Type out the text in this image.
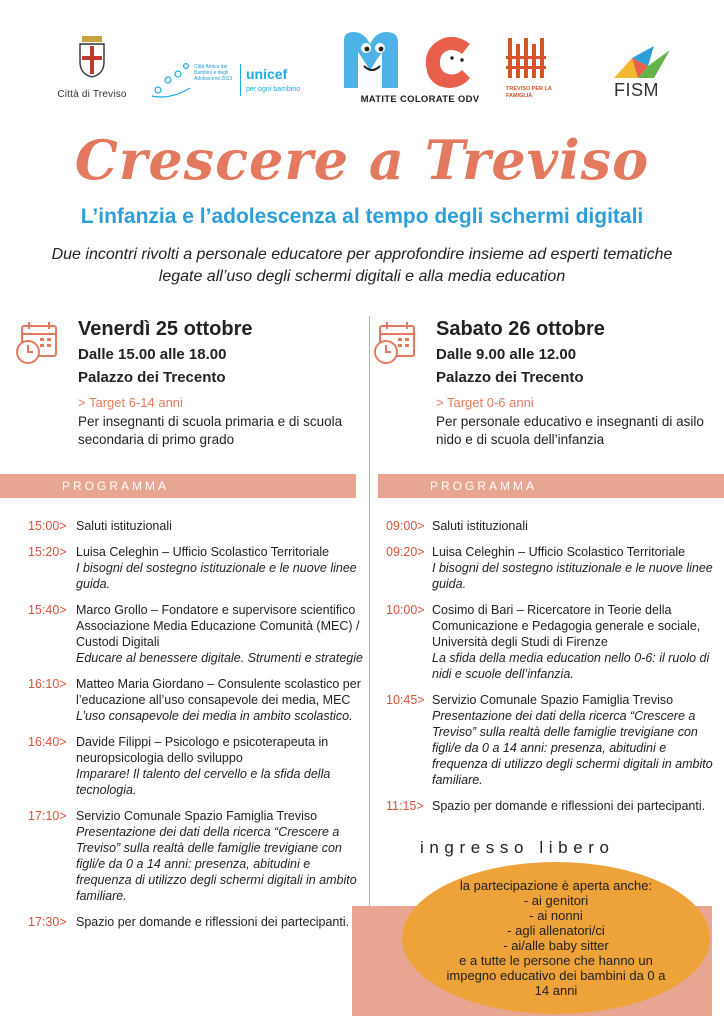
Città di Treviso
Città Amica dei Bambini e degli Adolescenti 2023 unicef
per ogni bambino
MATITE COLORATE ODV
TREVISO PER LA FAMIGLIA	FISM
Crescere a Treviso
L’infanzia e l’adolescenza al tempo degli schermi digitali
Due incontri rivolti a personale educatore per approfondire insieme ad esperti tematiche legate all’uso degli schermi digitali e alla media education
Venerdì 25 ottobre
Dalle 15.00 alle 18.00
Palazzo dei Trecento
> Target 6-14 anni
Per insegnanti di scuola primaria e di scuola secondaria di primo grado
Sabato 26 ottobre
Dalle 9.00 alle 12.00
Palazzo dei Trecento
> Target 0-6 anni
Per personale educativo e insegnanti di asilo nido e di scuola dell’infanzia
PROGRAMMA	PROGRAMMA
15:00> Saluti istituzionali
15:20> Luisa Celeghin – Ufficio Scolastico Territoriale
I bisogni del sostegno istituzionale e le nuove linee guida.
15:40> Marco Grollo – Fondatore e supervisore scientifico Associazione Media Educazione Comunità (MEC) / Custodi Digitali
Educare al benessere digitale. Strumenti e strategie
16:10> Matteo Maria Giordano – Consulente scolastico per l’educazione all’uso consapevole dei media, MEC
L’uso consapevole dei media in ambito scolastico.
16:40> Davide Filippi – Psicologo e psicoterapeuta in neuropsicologia dello sviluppo
Imparare! Il talento del cervello e la sfida della tecnologia.
17:10> Servizio Comunale Spazio Famiglia Treviso
Presentazione dei dati della ricerca “Crescere a Treviso” sulla realtà delle famiglie trevigiane con figli/e da 0 a 14 anni: presenza, abitudini e frequenza di utilizzo degli schermi digitali in ambito familiare.
17:30> Spazio per domande e riflessioni dei partecipanti.
09:00> Saluti istituzionali
09:20> Luisa Celeghin – Ufficio Scolastico Territoriale
I bisogni del sostegno istituzionale e le nuove linee guida.
10:00> Cosimo di Bari – Ricercatore in Teorie della Comunicazione e Pedagogia generale e sociale, Università degli Studi di Firenze
La sfida della media education nello 0-6: il ruolo di nidi e scuole dell’infanzia.
10:45> Servizio Comunale Spazio Famiglia Treviso
Presentazione dei dati della ricerca “Crescere a Treviso” sulla realtà delle famiglie trevigiane con figli/e da 0 a 14 anni: presenza, abitudini e frequenza di utilizzo degli schermi digitali in ambito familiare.
11:15> Spazio per domande e riflessioni dei partecipanti.
ingresso libero
la partecipazione è aperta anche:
- ai genitori
- ai nonni
- agli allenatori/ci
- ai/alle baby sitter
e a tutte le persone che hanno un impegno educativo dei bambini da 0 a 14 anni
